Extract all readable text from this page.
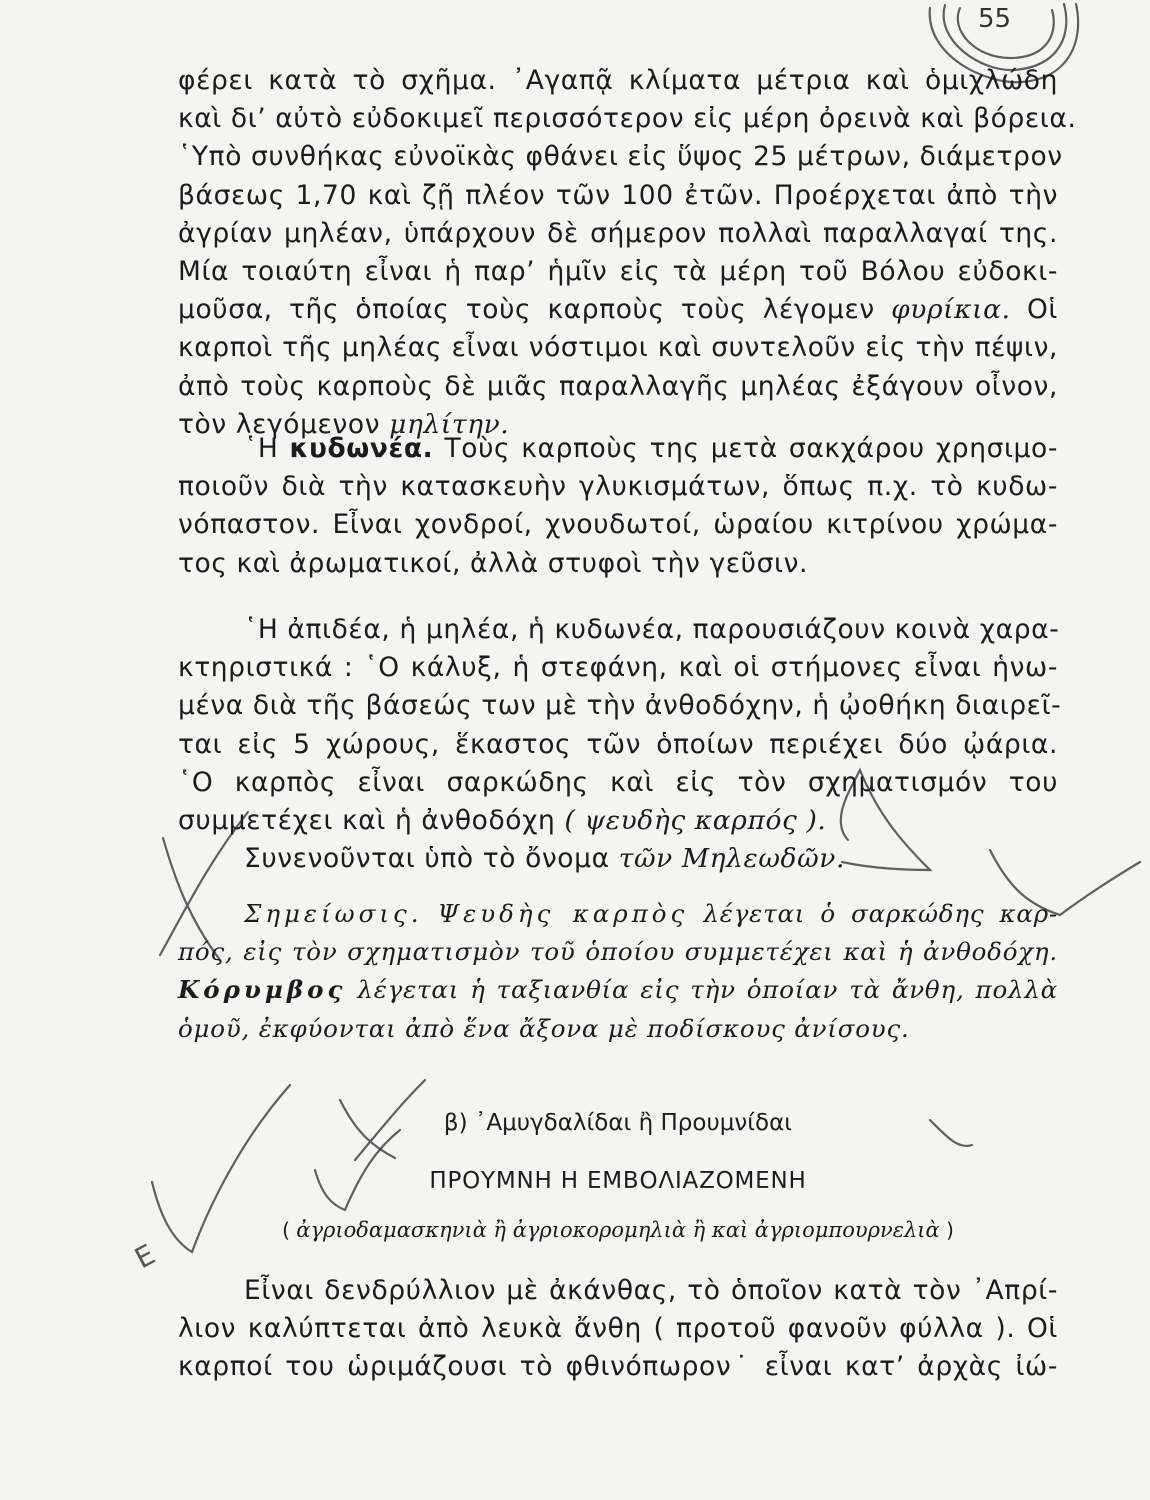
55
φέρει κατὰ τὸ σχῆμα. ᾿Αγαπᾷ κλίματα μέτρια καὶ ὁμιχλώδη
καὶ δι’ αὐτὸ εὐδοκιμεῖ περισσότερον εἰς μέρη ὀρεινὰ καὶ βόρεια.
῾Υπὸ συνθήκας εὐνοϊκὰς φθάνει εἰς ὕψος 25 μέτρων, διάμετρον
βάσεως 1,70 καὶ ζῇ πλέον τῶν 100 ἐτῶν. Προέρχεται ἀπὸ τὴν
ἀγρίαν μηλέαν, ὑπάρχουν δὲ σήμερον πολλαὶ παραλλαγαί της.
Μία τοιαύτη εἶναι ἡ παρ’ ἡμῖν εἰς τὰ μέρη τοῦ Βόλου εὐδοκι-
μοῦσα, τῆς ὁποίας τοὺς καρποὺς τοὺς λέγομεν φυρίκια. Οἱ
καρποὶ τῆς μηλέας εἶναι νόστιμοι καὶ συντελοῦν εἰς τὴν πέψιν,
ἀπὸ τοὺς καρποὺς δὲ μιᾶς παραλλαγῆς μηλέας ἐξάγουν οἶνον,
τὸν λεγόμενον μηλίτην.
῾Η κυδωνέα. Τοὺς καρποὺς της μετὰ σακχάρου χρησιμο-
ποιοῦν διὰ τὴν κατασκευὴν γλυκισμάτων, ὅπως π.χ. τὸ κυδω-
νόπαστον. Εἶναι χονδροί, χνουδωτοί, ὡραίου κιτρίνου χρώμα-
τος καὶ ἀρωματικοί, ἀλλὰ στυφοὶ τὴν γεῦσιν.
῾Η ἀπιδέα, ἡ μηλέα, ἡ κυδωνέα, παρουσιάζουν κοινὰ χαρα-
κτηριστικά : ῾Ο κάλυξ, ἡ στεφάνη, καὶ οἱ στήμονες εἶναι ἡνω-
μένα διὰ τῆς βάσεώς των μὲ τὴν ἀνθοδόχην, ἡ ᾠοθήκη διαιρεῖ-
ται εἰς 5 χώρους, ἕκαστος τῶν ὁποίων περιέχει δύο ᾠάρια.
῾Ο καρπὸς εἶναι σαρκώδης καὶ εἰς τὸν σχηματισμόν του
συμμετέχει καὶ ἡ ἀνθοδόχη ( ψευδὴς καρπός ).
Συνενοῦνται ὑπὸ τὸ ὄνομα τῶν Μηλεωδῶν.
Σημείωσις. Ψευδὴς καρπὸς λέγεται ὁ σαρκώδης καρ-
πός, εἰς τὸν σχηματισμὸν τοῦ ὁποίου συμμετέχει καὶ ἡ ἀνθοδόχη.
Κόρυμβος λέγεται ἡ ταξιανθία εἰς τὴν ὁποίαν τὰ ἄνθη, πολλὰ
ὁμοῦ, ἐκφύονται ἀπὸ ἕνα ἄξονα μὲ ποδίσκους ἀνίσους.
β) ᾿Αμυγδαλίδαι ἢ Προυμνίδαι
ΠΡΟΥΜΝΗ Η ΕΜΒΟΛΙΑΖΟΜΕΝΗ
( ἀγριοδαμασκηνιὰ ἢ ἀγριοκορομηλιὰ ἢ καὶ ἀγριομπουρνελιὰ )
Εἶναι δενδρύλλιον μὲ ἀκάνθας, τὸ ὁποῖον κατὰ τὸν ᾿Απρί-
λιον καλύπτεται ἀπὸ λευκὰ ἄνθη ( προτοῦ φανοῦν φύλλα ). Οἱ
καρποί του ὡριμάζουσι τὸ φθινόπωρον˙ εἶναι κατ’ ἀρχὰς ἰώ-
Ε
